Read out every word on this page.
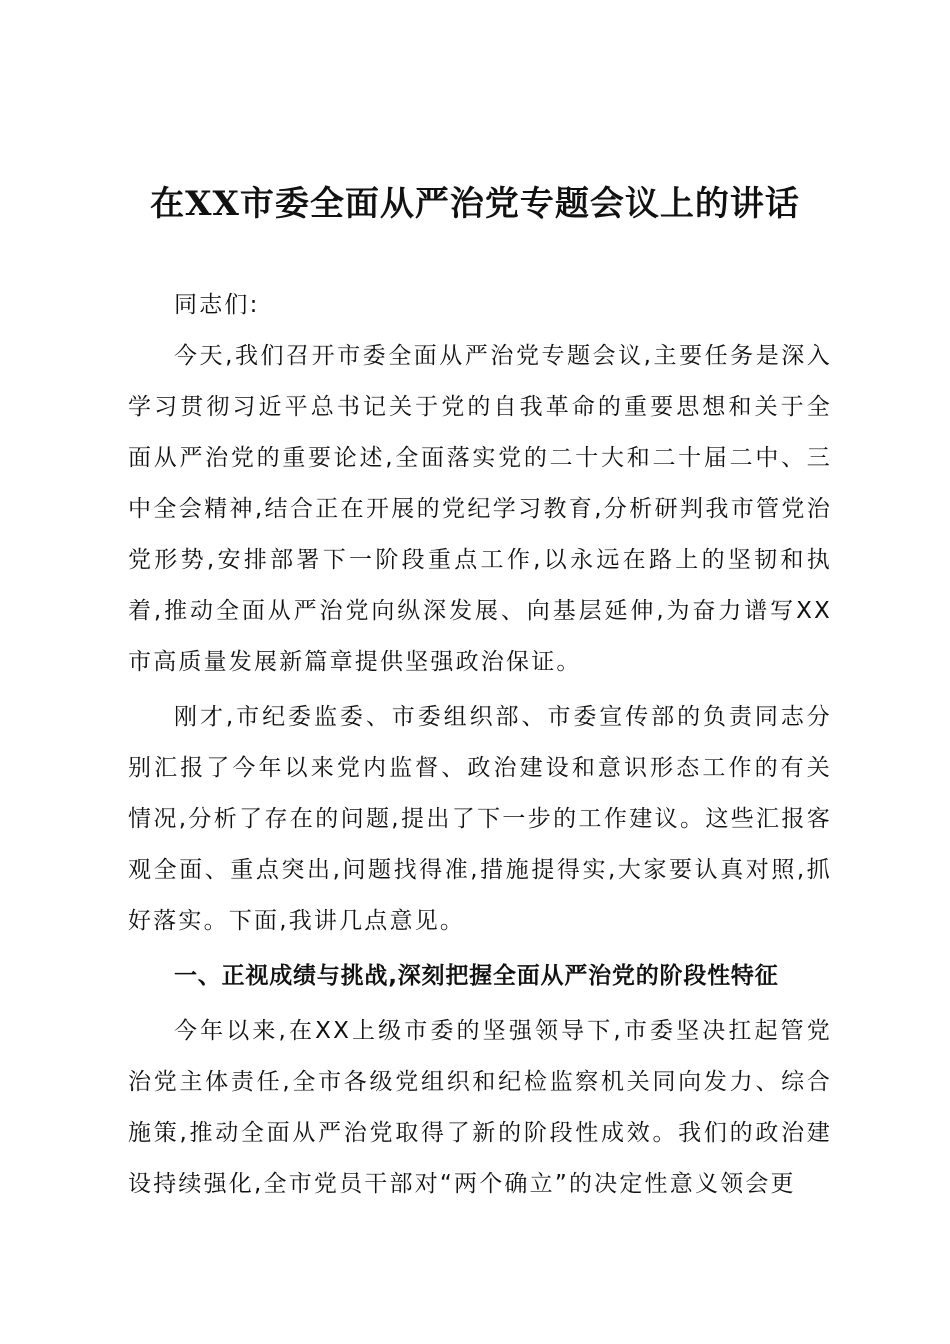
在XX市委全面从严治党专题会议上的讲话

同志们:

今天,我们召开市委全面从严治党专题会议,主要任务是深入学习贯彻习近平总书记关于党的自我革命的重要思想和关于全面从严治党的重要论述,全面落实党的二十大和二十届二中、三中全会精神,结合正在开展的党纪学习教育,分析研判我市管党治党形势,安排部署下一阶段重点工作,以永远在路上的坚韧和执着,推动全面从严治党向纵深发展、向基层延伸,为奋力谱写XX市高质量发展新篇章提供坚强政治保证。

刚才,市纪委监委、市委组织部、市委宣传部的负责同志分别汇报了今年以来党内监督、政治建设和意识形态工作的有关情况,分析了存在的问题,提出了下一步的工作建议。这些汇报客观全面、重点突出,问题找得准,措施提得实,大家要认真对照,抓好落实。下面,我讲几点意见。

一、正视成绩与挑战,深刻把握全面从严治党的阶段性特征

今年以来,在XX上级市委的坚强领导下,市委坚决扛起管党治党主体责任,全市各级党组织和纪检监察机关同向发力、综合施策,推动全面从严治党取得了新的阶段性成效。我们的政治建设持续强化,全市党员干部对“两个确立”的决定性意义领会更
